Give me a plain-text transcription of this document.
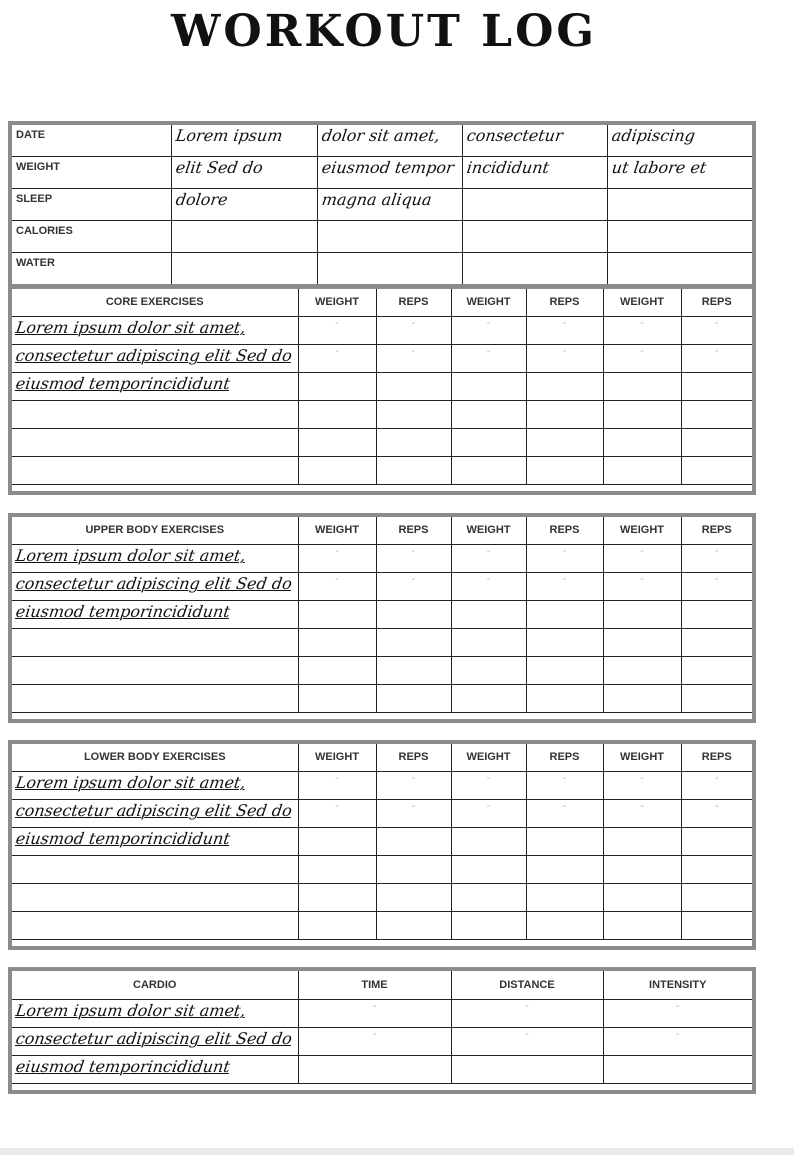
WORKOUT LOG
DATE	Lorem ipsum	dolor sit amet,	consectetur	adipiscing

WEIGHT	elit Sed do	eiusmod tempor	incididunt	ut labore et

SLEEP	dolore	magna aliqua		

CALORIES				
WATER				
CORE EXERCISES	WEIGHT	REPS	WEIGHT	REPS	WEIGHT	REPS

Lorem ipsum dolor sit amet,	-	-	-	-	-	-

consectetur adipiscing elit Sed do	-	-	-	-	-	-

eiusmod temporincididunt						

UPPER BODY EXERCISES	WEIGHT	REPS	WEIGHT	REPS	WEIGHT	REPS

Lorem ipsum dolor sit amet,	-	-	-	-	-	-

consectetur adipiscing elit Sed do	-	-	-	-	-	-

eiusmod temporincididunt						

LOWER BODY EXERCISES	WEIGHT	REPS	WEIGHT	REPS	WEIGHT	REPS

Lorem ipsum dolor sit amet,	-	-	-	-	-	-

consectetur adipiscing elit Sed do	-	-	-	-	-	-

eiusmod temporincididunt						

CARDIO	TIME	DISTANCE	INTENSITY

Lorem ipsum dolor sit amet,	-	-	-

consectetur adipiscing elit Sed do	-	-	-

eiusmod temporincididunt			
